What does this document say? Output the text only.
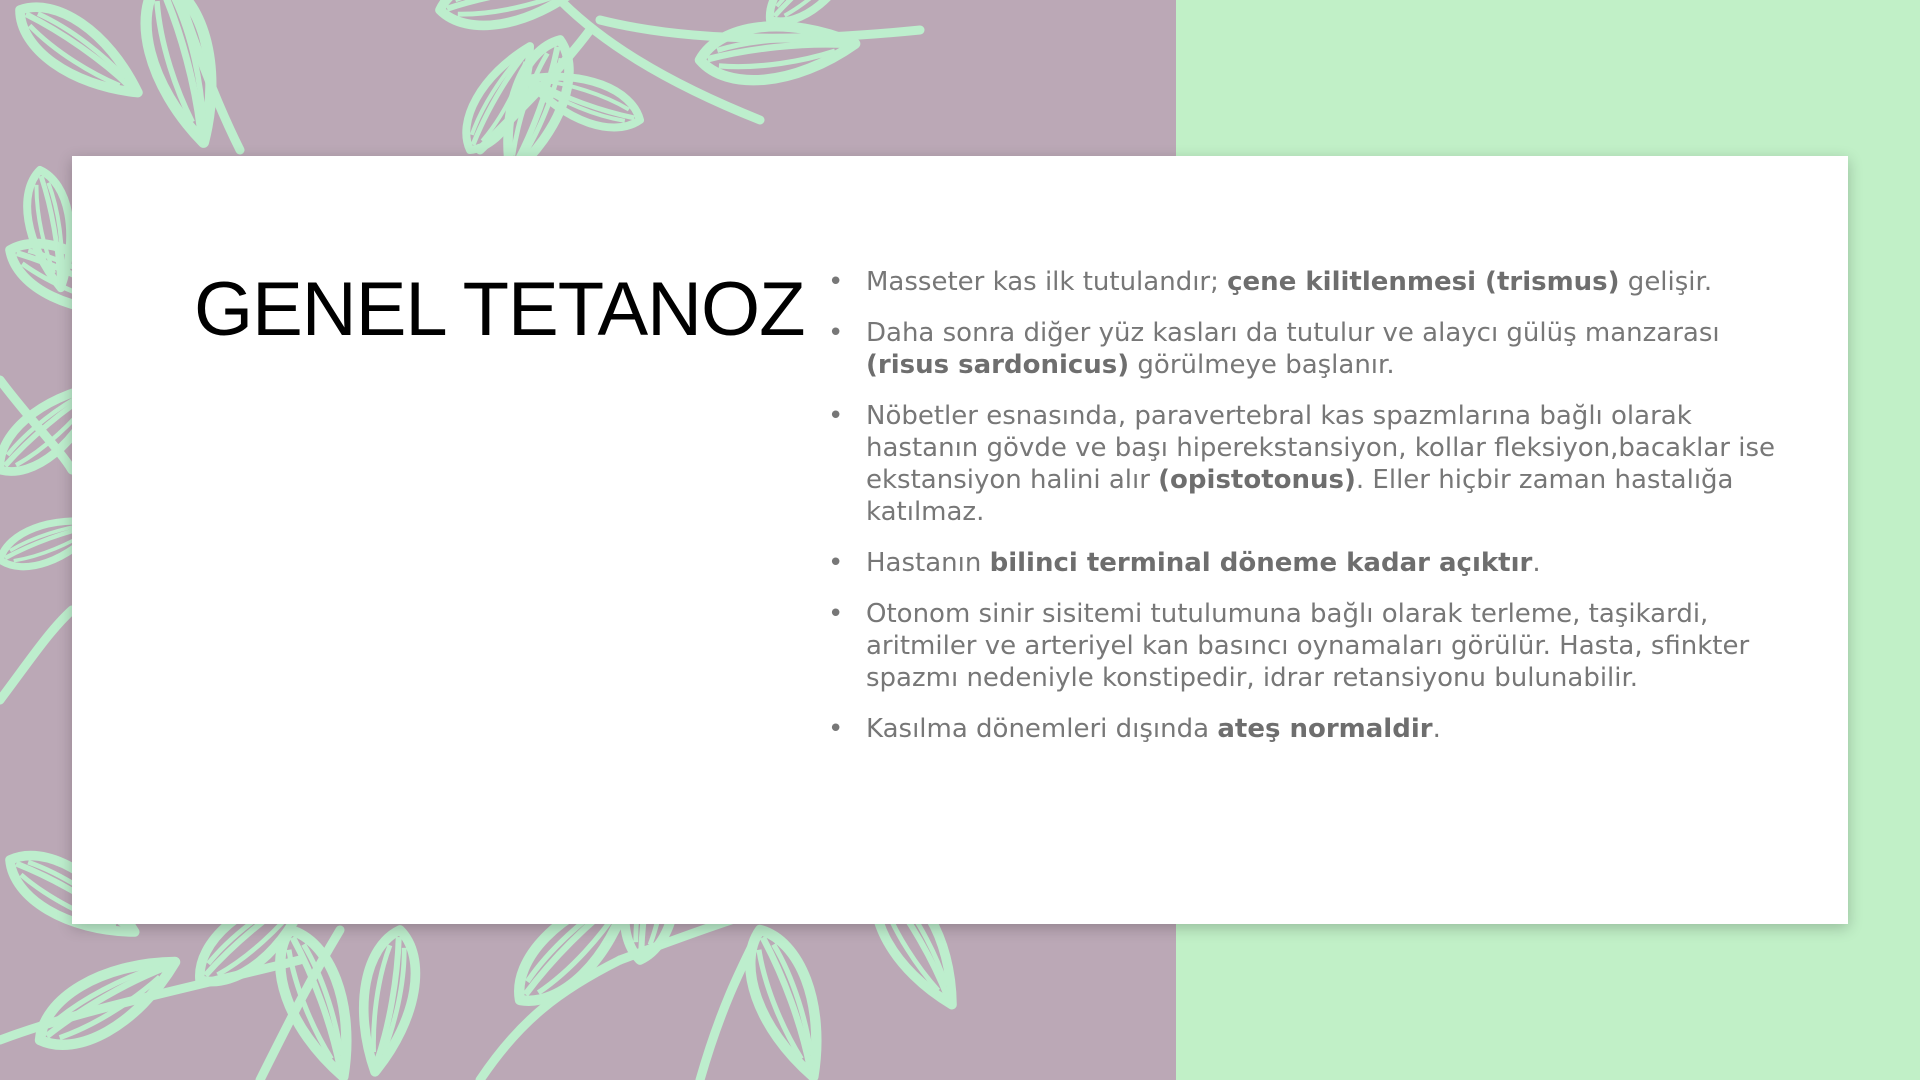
GENEL TETANOZ • Masseter kas ilk tutulandır; çene kilitlenmesi (trismus) gelişir.
• Daha sonra diğer yüz kasları da tutulur ve alaycı gülüş manzarası (risus sardonicus) görülmeye başlanır.
• Nöbetler esnasında, paravertebral kas spazmlarına bağlı olarak hastanın gövde ve başı hiperekstansiyon, kollar fleksiyon,bacaklar ise ekstansiyon halini alır (opistotonus). Eller hiçbir zaman hastalığa katılmaz.
• Hastanın bilinci terminal döneme kadar açıktır.
• Otonom sinir sisitemi tutulumuna bağlı olarak terleme, taşikardi, aritmiler ve arteriyel kan basıncı oynamaları görülür. Hasta, sfinkter spazmı nedeniyle konstipedir, idrar retansiyonu bulunabilir.
• Kasılma dönemleri dışında ateş normaldir.
